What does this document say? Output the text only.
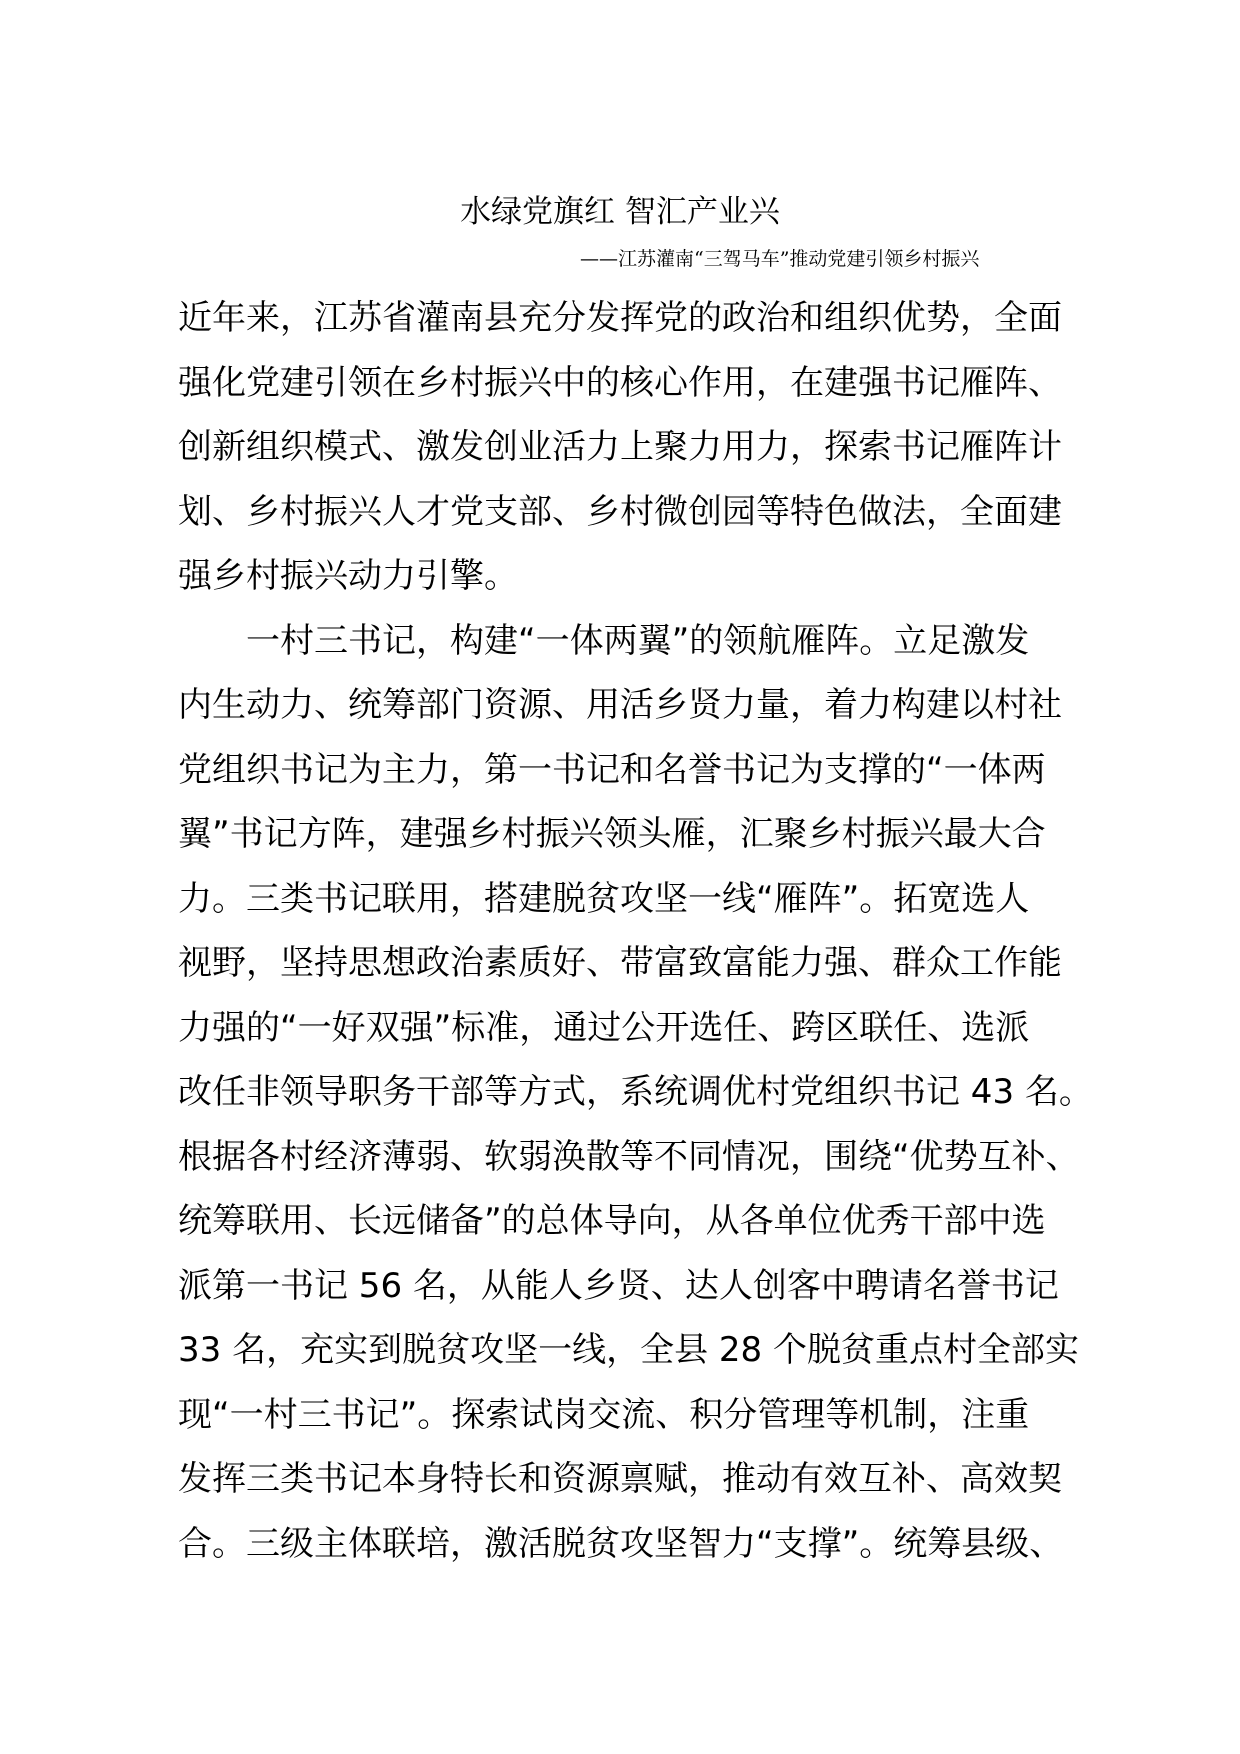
水绿党旗红 智汇产业兴
——江苏灌南“三驾马车”推动党建引领乡村振兴
近年来，江苏省灌南县充分发挥党的政治和组织优势，全面
强化党建引领在乡村振兴中的核心作用，在建强书记雁阵、
创新组织模式、激发创业活力上聚力用力，探索书记雁阵计
划、乡村振兴人才党支部、乡村微创园等特色做法，全面建
强乡村振兴动力引擎。
一村三书记，构建“一体两翼”的领航雁阵。立足激发
内生动力、统筹部门资源、用活乡贤力量，着力构建以村社
党组织书记为主力，第一书记和名誉书记为支撑的“一体两
翼”书记方阵，建强乡村振兴领头雁，汇聚乡村振兴最大合
力。三类书记联用，搭建脱贫攻坚一线“雁阵”。拓宽选人
视野，坚持思想政治素质好、带富致富能力强、群众工作能
力强的“一好双强”标准，通过公开选任、跨区联任、选派
改任非领导职务干部等方式，系统调优村党组织书记 43 名。
根据各村经济薄弱、软弱涣散等不同情况，围绕“优势互补、
统筹联用、长远储备”的总体导向，从各单位优秀干部中选
派第一书记 56 名，从能人乡贤、达人创客中聘请名誉书记
33 名，充实到脱贫攻坚一线，全县 28 个脱贫重点村全部实
现“一村三书记”。探索试岗交流、积分管理等机制，注重
发挥三类书记本身特长和资源禀赋，推动有效互补、高效契
合。三级主体联培，激活脱贫攻坚智力“支撑”。统筹县级、
